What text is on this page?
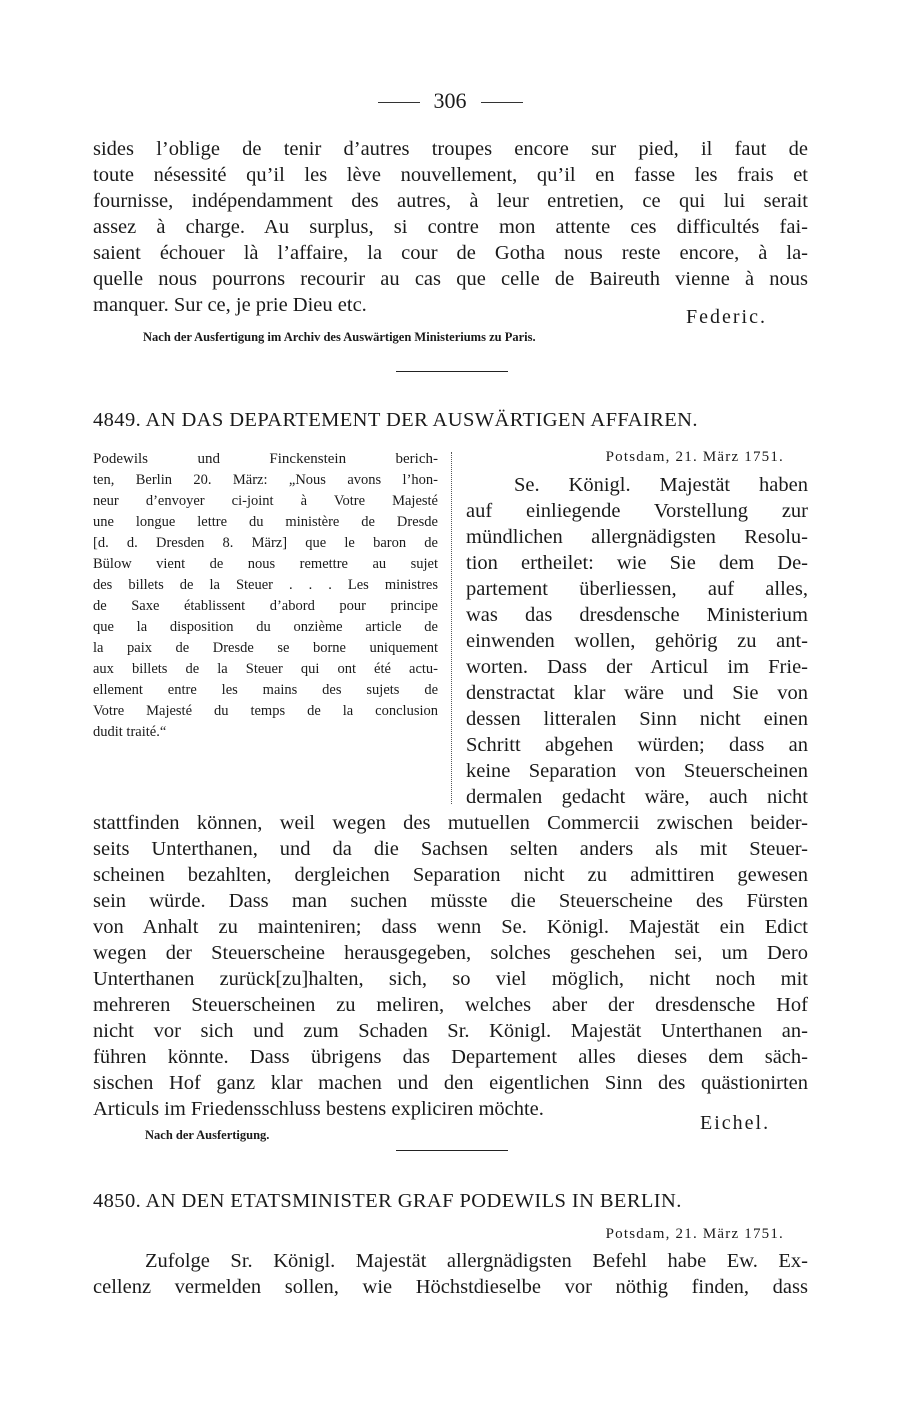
306
sides l’oblige de tenir d’autres troupes encore sur pied, il faut de
toute nésessité qu’il les lève nouvellement, qu’il en fasse les frais et
fournisse, indépendamment des autres, à leur entretien, ce qui lui serait
assez à charge. Au surplus, si contre mon attente ces difficultés fai-
saient échouer là l’affaire, la cour de Gotha nous reste encore, à la-
quelle nous pourrons recourir au cas que celle de Baireuth vienne à nous
manquer. Sur ce, je prie Dieu etc.
Federic.
Nach der Ausfertigung im Archiv des Auswärtigen Ministeriums zu Paris.
4849. AN DAS DEPARTEMENT DER AUSWÄRTIGEN AFFAIREN.
Podewils und Finckenstein berich-
ten, Berlin 20. März: „Nous avons l’hon-
neur d’envoyer ci-joint à Votre Majesté
une longue lettre du ministère de Dresde
[d. d. Dresden 8. März] que le baron de
Bülow vient de nous remettre au sujet
des billets de la Steuer . . . Les ministres
de Saxe établissent d’abord pour principe
que la disposition du onzième article de
la paix de Dresde se borne uniquement
aux billets de la Steuer qui ont été actu-
ellement entre les mains des sujets de
Votre Majesté du temps de la conclusion
dudit traité.“
Potsdam, 21. März 1751.
Se. Königl. Majestät haben
auf einliegende Vorstellung zur
mündlichen allergnädigsten Resolu-
tion ertheilet: wie Sie dem De-
partement überliessen, auf alles,
was das dresdensche Ministerium
einwenden wollen, gehörig zu ant-
worten. Dass der Articul im Frie-
denstractat klar wäre und Sie von
dessen litteralen Sinn nicht einen
Schritt abgehen würden; dass an
keine Separation von Steuerscheinen
dermalen gedacht wäre, auch nicht
stattfinden können, weil wegen des mutuellen Commercii zwischen beider-
seits Unterthanen, und da die Sachsen selten anders als mit Steuer-
scheinen bezahlten, dergleichen Separation nicht zu admittiren gewesen
sein würde. Dass man suchen müsste die Steuerscheine des Fürsten
von Anhalt zu mainteniren; dass wenn Se. Königl. Majestät ein Edict
wegen der Steuerscheine herausgegeben, solches geschehen sei, um Dero
Unterthanen zurück[zu]halten, sich, so viel möglich, nicht noch mit
mehreren Steuerscheinen zu meliren, welches aber der dresdensche Hof
nicht vor sich und zum Schaden Sr. Königl. Majestät Unterthanen an-
führen könnte. Dass übrigens das Departement alles dieses dem säch-
sischen Hof ganz klar machen und den eigentlichen Sinn des quästionirten
Articuls im Friedensschluss bestens expliciren möchte.
Eichel.
Nach der Ausfertigung.
4850. AN DEN ETATSMINISTER GRAF PODEWILS IN BERLIN.
Potsdam, 21. März 1751.
Zufolge Sr. Königl. Majestät allergnädigsten Befehl habe Ew. Ex-
cellenz vermelden sollen, wie Höchstdieselbe vor nöthig finden, dass
